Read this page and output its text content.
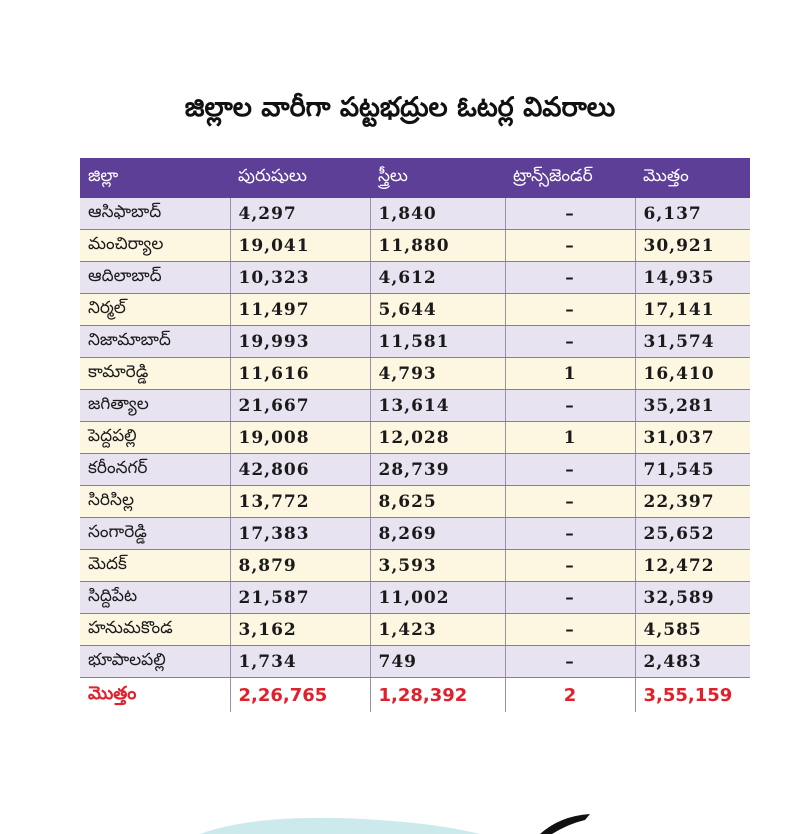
జిల్లాల వారీగా పట్టభద్రుల ఓటర్ల వివరాలు
జిల్లా	పురుషులు	స్త్రీలు	ట్రాన్స్‌జెండర్	మొత్తం
ఆసిఫాబాద్	4,297	1,840	–	6,137
మంచిర్యాల	19,041	11,880	–	30,921
ఆదిలాబాద్	10,323	4,612	–	14,935
నిర్మల్	11,497	5,644	–	17,141
నిజామాబాద్	19,993	11,581	–	31,574
కామారెడ్డి	11,616	4,793	1	16,410
జగిత్యాల	21,667	13,614	–	35,281
పెద్దపల్లి	19,008	12,028	1	31,037
కరీంనగర్	42,806	28,739	–	71,545
సిరిసిల్ల	13,772	8,625	–	22,397
సంగారెడ్డి	17,383	8,269	–	25,652
మెదక్	8,879	3,593	–	12,472
సిద్దిపేట	21,587	11,002	–	32,589
హనుమకొండ	3,162	1,423	–	4,585
భూపాలపల్లి	1,734	749	–	2,483
మొత్తం	2,26,765	1,28,392	2	3,55,159
